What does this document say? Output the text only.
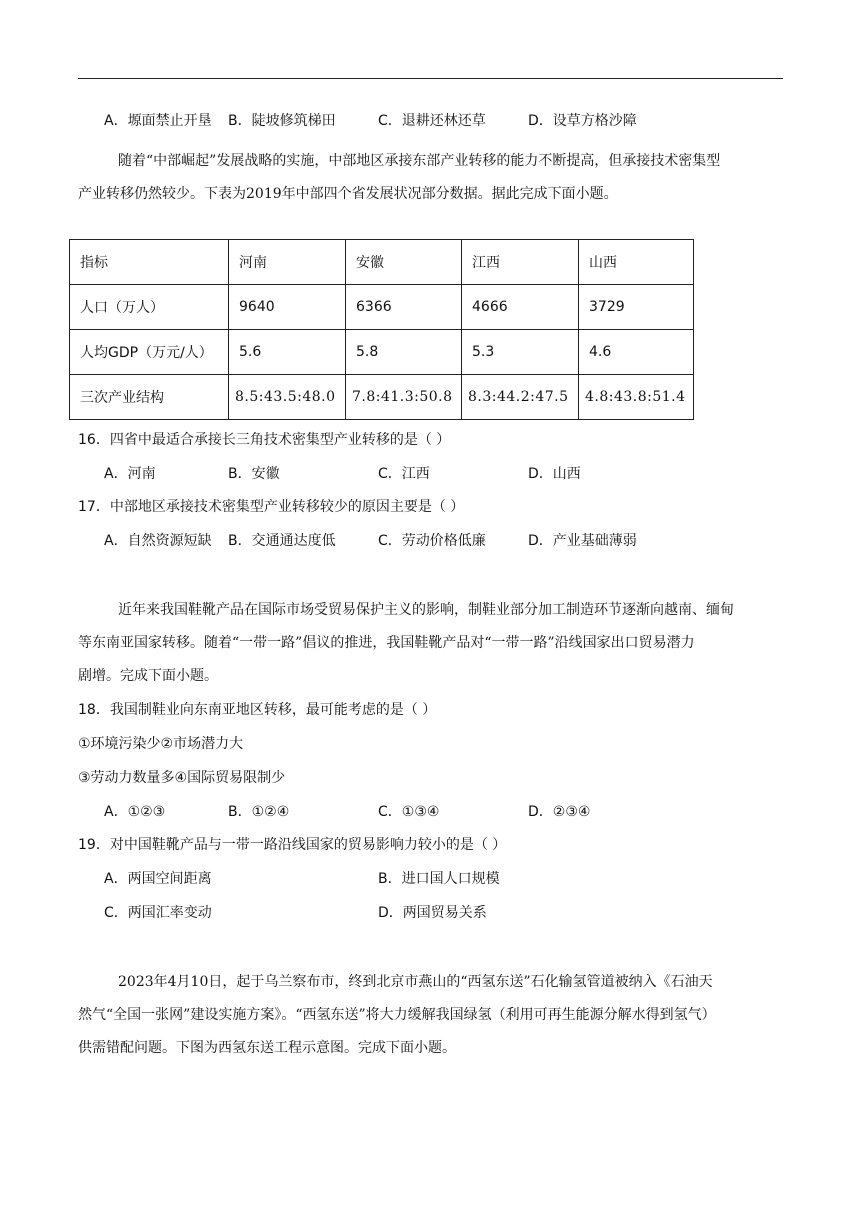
A．塬面禁止开垦 B．陡坡修筑梯田	C．退耕还林还草	D．设草方格沙障

随着“中部崛起”发展战略的实施，中部地区承接东部产业转移的能力不断提高，但承接技术密集型

产业转移仍然较少。下表为2019年中部四个省发展状况部分数据。据此完成下面小题。

指标	河南	安徽	江西	山西
人口（万人）	9640	6366	4666	3729
人均GDP（万元/人）	5.6	5.8	5.3	4.6
三次产业结构	8.5:43.5:48.0	7.8:41.3:50.8	8.3:44.2:47.5	4.8:43.8:51.4
16．四省中最适合承接长三角技术密集型产业转移的是（ ）
A．河南	B．安徽	C．江西	D．山西
17．中部地区承接技术密集型产业转移较少的原因主要是（ ）
A．自然资源短缺 B．交通通达度低	C．劳动价格低廉	D．产业基础薄弱

近年来我国鞋靴产品在国际市场受贸易保护主义的影响，制鞋业部分加工制造环节逐渐向越南、缅甸

等东南亚国家转移。随着“一带一路”倡议的推进，我国鞋靴产品对“一带一路”沿线国家出口贸易潜力

剧增。完成下面小题。

18．我国制鞋业向东南亚地区转移，最可能考虑的是（ ）
①环境污染少②市场潜力大
③劳动力数量多④国际贸易限制少
A．①②③	B．①②④	C．①③④	D．②③④
19．对中国鞋靴产品与一带一路沿线国家的贸易影响力较小的是（ ）
A．两国空间距离	B．进口国人口规模
C．两国汇率变动	D．两国贸易关系

2023年4月10日，起于乌兰察布市，终到北京市燕山的“西氢东送”石化输氢管道被纳入《石油天

然气“全国一张网”建设实施方案》。“西氢东送”将大力缓解我国绿氢（利用可再生能源分解水得到氢气）

供需错配问题。下图为西氢东送工程示意图。完成下面小题。
